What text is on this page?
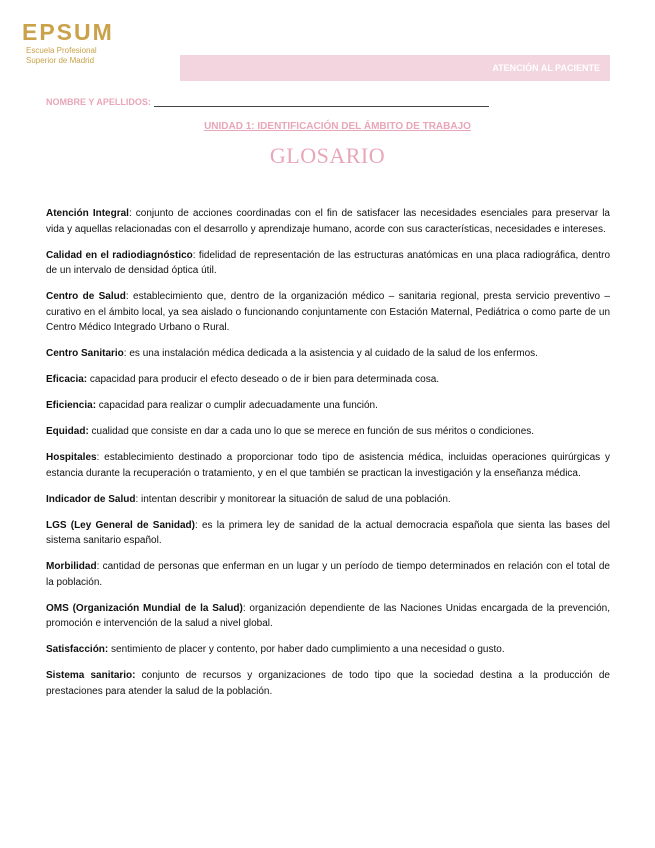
EPSUM
Escuela Profesional
Superior de Madrid
ATENCIÓN AL PACIENTE
NOMBRE Y APELLIDOS:
UNIDAD 1: IDENTIFICACIÓN DEL ÁMBITO DE TRABAJO
GLOSARIO

Atención Integral: conjunto de acciones coordinadas con el fin de satisfacer las necesidades esenciales para preservar la vida y aquellas relacionadas con el desarrollo y aprendizaje humano, acorde con sus características, necesidades e intereses.

Calidad en el radiodiagnóstico: fidelidad de representación de las estructuras anatómicas en una placa radiográfica, dentro de un intervalo de densidad óptica útil.

Centro de Salud: establecimiento que, dentro de la organización médico – sanitaria regional, presta servicio preventivo – curativo en el ámbito local, ya sea aislado o funcionando conjuntamente con Estación Maternal, Pediátrica o como parte de un Centro Médico Integrado Urbano o Rural.

Centro Sanitario: es una instalación médica dedicada a la asistencia y al cuidado de la salud de los enfermos.

Eficacia: capacidad para producir el efecto deseado o de ir bien para determinada cosa.

Eficiencia: capacidad para realizar o cumplir adecuadamente una función.

Equidad: cualidad que consiste en dar a cada uno lo que se merece en función de sus méritos o condiciones.

Hospitales: establecimiento destinado a proporcionar todo tipo de asistencia médica, incluidas operaciones quirúrgicas y estancia durante la recuperación o tratamiento, y en el que también se practican la investigación y la enseñanza médica.

Indicador de Salud: intentan describir y monitorear la situación de salud de una población.

LGS (Ley General de Sanidad): es la primera ley de sanidad de la actual democracia española que sienta las bases del sistema sanitario español.

Morbilidad: cantidad de personas que enferman en un lugar y un período de tiempo determinados en relación con el total de la población.

OMS (Organización Mundial de la Salud): organización dependiente de las Naciones Unidas encargada de la prevención, promoción e intervención de la salud a nivel global.

Satisfacción: sentimiento de placer y contento, por haber dado cumplimiento a una necesidad o gusto.

Sistema sanitario: conjunto de recursos y organizaciones de todo tipo que la sociedad destina a la producción de prestaciones para atender la salud de la población.
